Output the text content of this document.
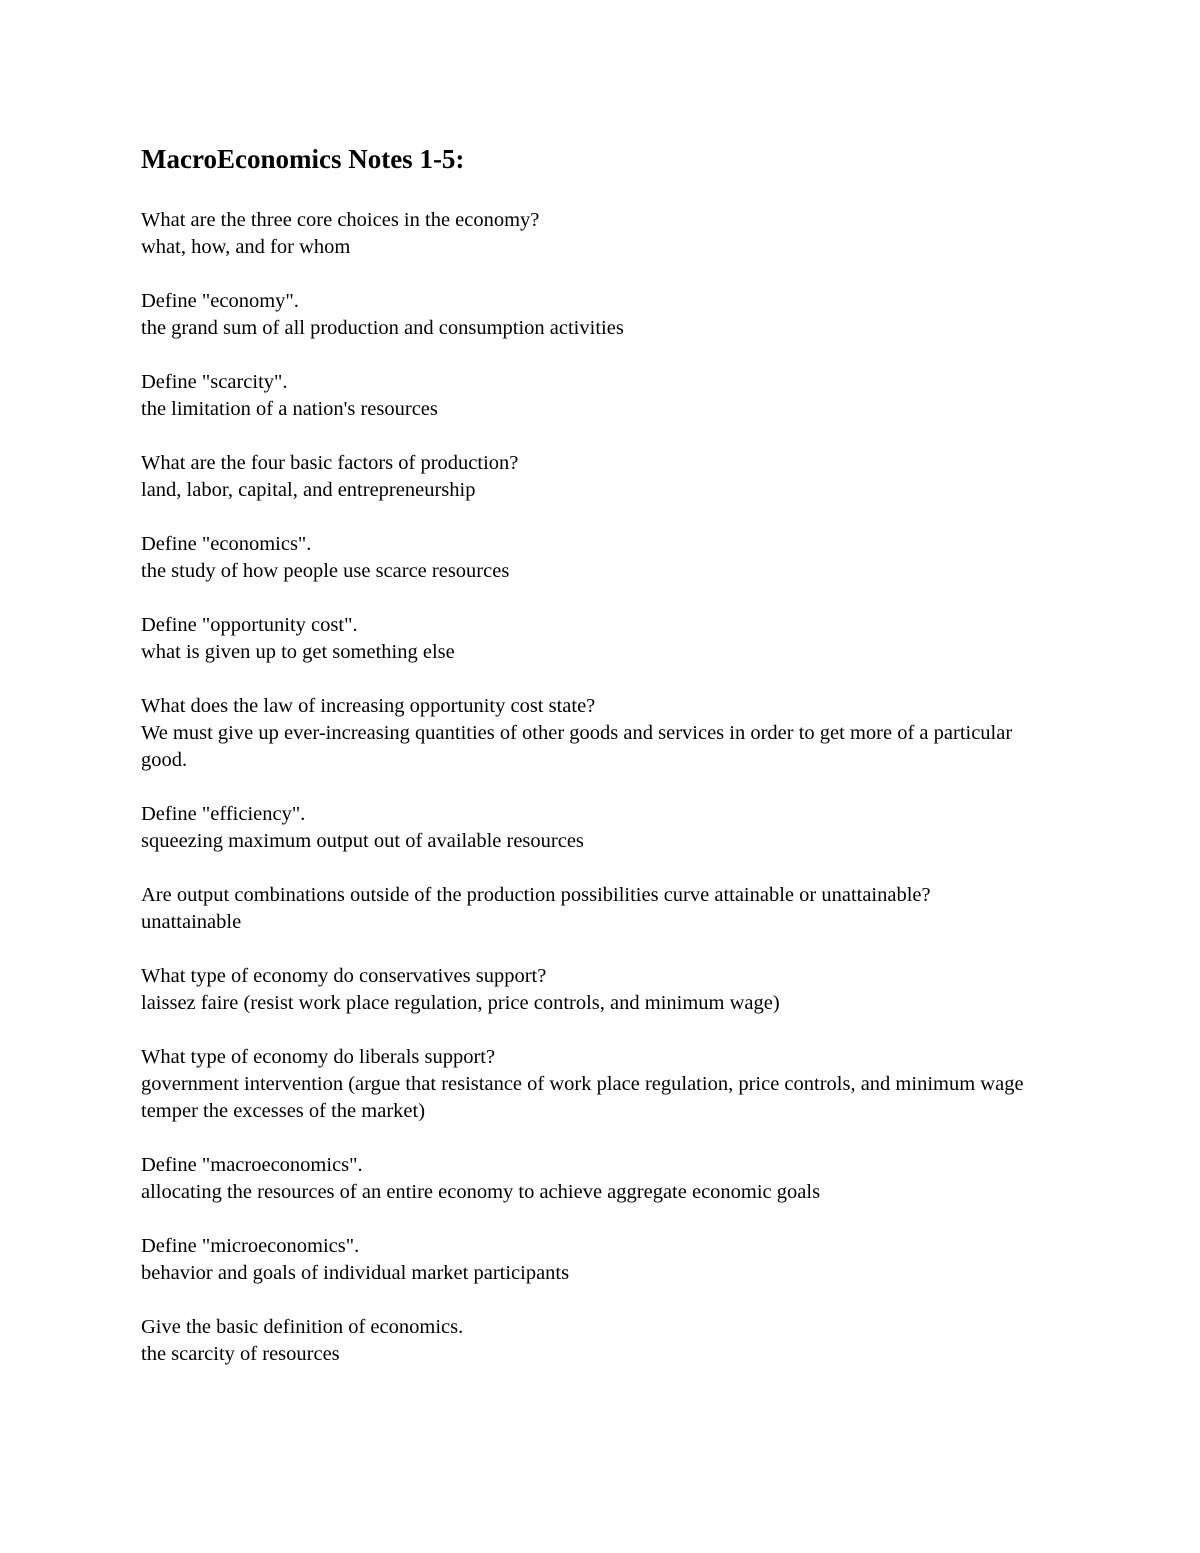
MacroEconomics Notes 1-5:
What are the three core choices in the economy?
what, how, and for whom
Define "economy".
the grand sum of all production and consumption activities
Define "scarcity".
the limitation of a nation's resources
What are the four basic factors of production?
land, labor, capital, and entrepreneurship
Define "economics".
the study of how people use scarce resources
Define "opportunity cost".
what is given up to get something else
What does the law of increasing opportunity cost state?
We must give up ever-increasing quantities of other goods and services in order to get more of a particular good.
Define "efficiency".
squeezing maximum output out of available resources
Are output combinations outside of the production possibilities curve attainable or unattainable?
unattainable
What type of economy do conservatives support?
laissez faire (resist work place regulation, price controls, and minimum wage)
What type of economy do liberals support?
government intervention (argue that resistance of work place regulation, price controls, and minimum wage temper the excesses of the market)
Define "macroeconomics".
allocating the resources of an entire economy to achieve aggregate economic goals
Define "microeconomics".
behavior and goals of individual market participants
Give the basic definition of economics.
the scarcity of resources
